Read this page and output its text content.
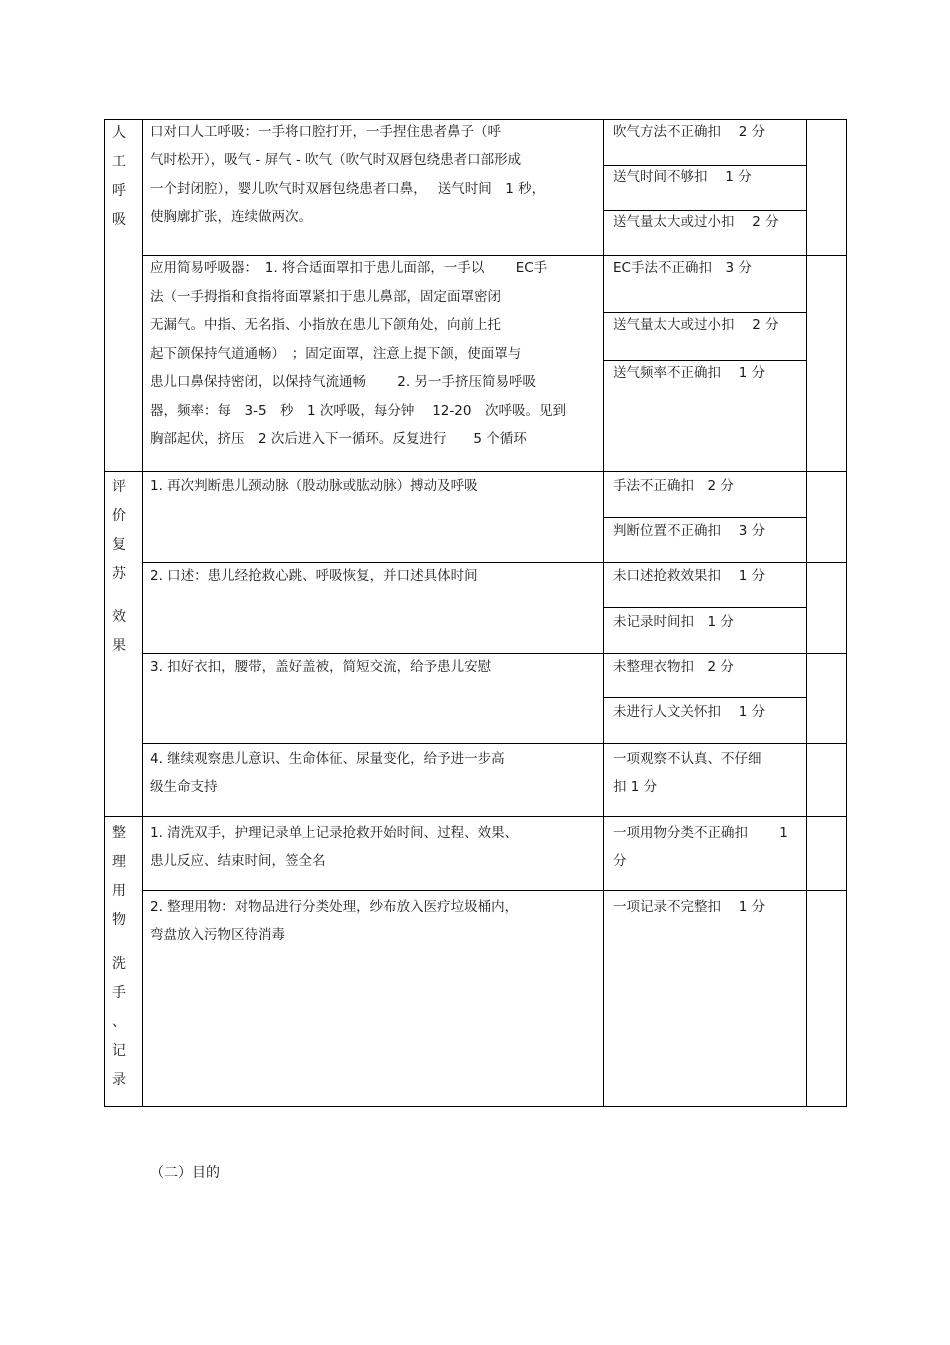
人
工
呼
吸
评
价
复
苏
效
果
整
理
用
物
洗
手
、
记
录
口对口人工呼吸：一手将口腔打开，一手捏住患者鼻子（呼
气时松开），吸气 - 屏气 - 吹气（吹气时双唇包绕患者口部形成
一个封闭腔），婴儿吹气时双唇包绕患者口鼻，　 送气时间　1 秒，
使胸廓扩张，连续做两次。
应用简易呼吸器：　1. 将合适面罩扣于患儿面部，一手以　　 EC手
法（一手拇指和食指将面罩紧扣于患儿鼻部，固定面罩密闭
无漏气。中指、无名指、小指放在患儿下颌角处，向前上托
起下颌保持气道通畅）　；固定面罩，注意上提下颌，使面罩与
患儿口鼻保持密闭，以保持气流通畅　　 2. 另一手挤压简易呼吸
器，频率：每　3-5　秒　1 次呼吸，每分钟　 12-20　次呼吸。见到
胸部起伏，挤压　2 次后进入下一循环。反复进行　　5 个循环
1. 再次判断患儿颈动脉（股动脉或肱动脉）搏动及呼吸
2. 口述：患儿经抢救心跳、呼吸恢复，并口述具体时间
3. 扣好衣扣，腰带，盖好盖被，简短交流，给予患儿安慰
4. 继续观察患儿意识、生命体征、尿量变化，给予进一步高
级生命支持
1. 清洗双手，护理记录单上记录抢救开始时间、过程、效果、
患儿反应、结束时间，签全名
2. 整理用物：对物品进行分类处理，纱布放入医疗垃圾桶内，
弯盘放入污物区待消毒
吹气方法不正确扣　 2 分
送气时间不够扣　 1 分
送气量太大或过小扣　 2 分
EC手法不正确扣　3 分
送气量太大或过小扣　 2 分
送气频率不正确扣　 1 分
手法不正确扣　2 分
判断位置不正确扣　 3 分
未口述抢救效果扣　 1 分
未记录时间扣　1 分
未整理衣物扣　2 分
未进行人文关怀扣　 1 分
一项观察不认真、不仔细
扣 1 分
一项用物分类不正确扣　　 1
分
一项记录不完整扣　 1 分
（二）目的
